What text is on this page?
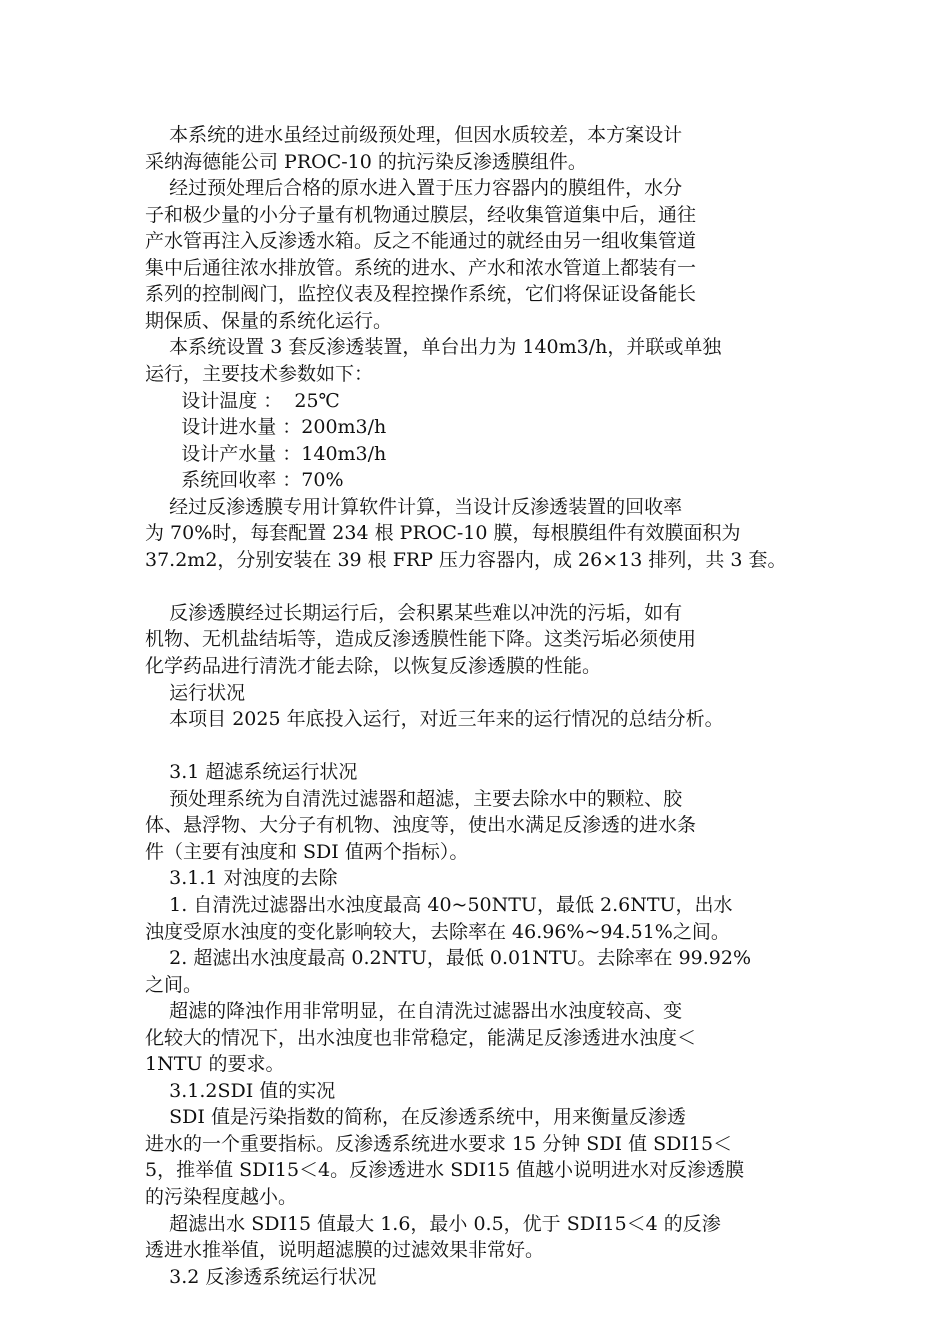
本系统的进水虽经过前级预处理，但因水质较差，本方案设计
采纳海德能公司 PROC-10 的抗污染反渗透膜组件。
经过预处理后合格的原水进入置于压力容器内的膜组件，水分
子和极少量的小分子量有机物通过膜层，经收集管道集中后，通往
产水管再注入反渗透水箱。反之不能通过的就经由另一组收集管道
集中后通往浓水排放管。系统的进水、产水和浓水管道上都装有一
系列的控制阀门，监控仪表及程控操作系统，它们将保证设备能长
期保质、保量的系统化运行。
本系统设置 3 套反渗透装置，单台出力为 140m3/h，并联或单独
运行，主要技术参数如下：
设计温度 ：  25℃
设计进水量 ：200m3/h
设计产水量 ：140m3/h
系统回收率 ：70%
经过反渗透膜专用计算软件计算，当设计反渗透装置的回收率
为 70%时，每套配置 234 根 PROC-10 膜，每根膜组件有效膜面积为
37.2m2，分别安装在 39 根 FRP 压力容器内，成 26×13 排列，共 3 套。
反渗透膜经过长期运行后，会积累某些难以冲洗的污垢，如有
机物、无机盐结垢等，造成反渗透膜性能下降。这类污垢必须使用
化学药品进行清洗才能去除，以恢复反渗透膜的性能。
运行状况
本项目 2025 年底投入运行，对近三年来的运行情况的总结分析。
3.1 超滤系统运行状况
预处理系统为自清洗过滤器和超滤，主要去除水中的颗粒、胶
体、悬浮物、大分子有机物、浊度等，使出水满足反渗透的进水条
件（主要有浊度和 SDI 值两个指标）。
3.1.1 对浊度的去除
1. 自清洗过滤器出水浊度最高 40~50NTU，最低 2.6NTU，出水
浊度受原水浊度的变化影响较大，去除率在 46.96%~94.51%之间。
2. 超滤出水浊度最高 0.2NTU，最低 0.01NTU。去除率在 99.92%
之间。
超滤的降浊作用非常明显，在自清洗过滤器出水浊度较高、变
化较大的情况下，出水浊度也非常稳定，能满足反渗透进水浊度＜
1NTU 的要求。
3.1.2SDI 值的实况
SDI 值是污染指数的简称，在反渗透系统中，用来衡量反渗透
进水的一个重要指标。反渗透系统进水要求 15 分钟 SDI 值 SDI15＜
5，推举值 SDI15＜4。反渗透进水 SDI15 值越小说明进水对反渗透膜
的污染程度越小。
超滤出水 SDI15 值最大 1.6，最小 0.5，优于 SDI15＜4 的反渗
透进水推举值，说明超滤膜的过滤效果非常好。
3.2 反渗透系统运行状况
